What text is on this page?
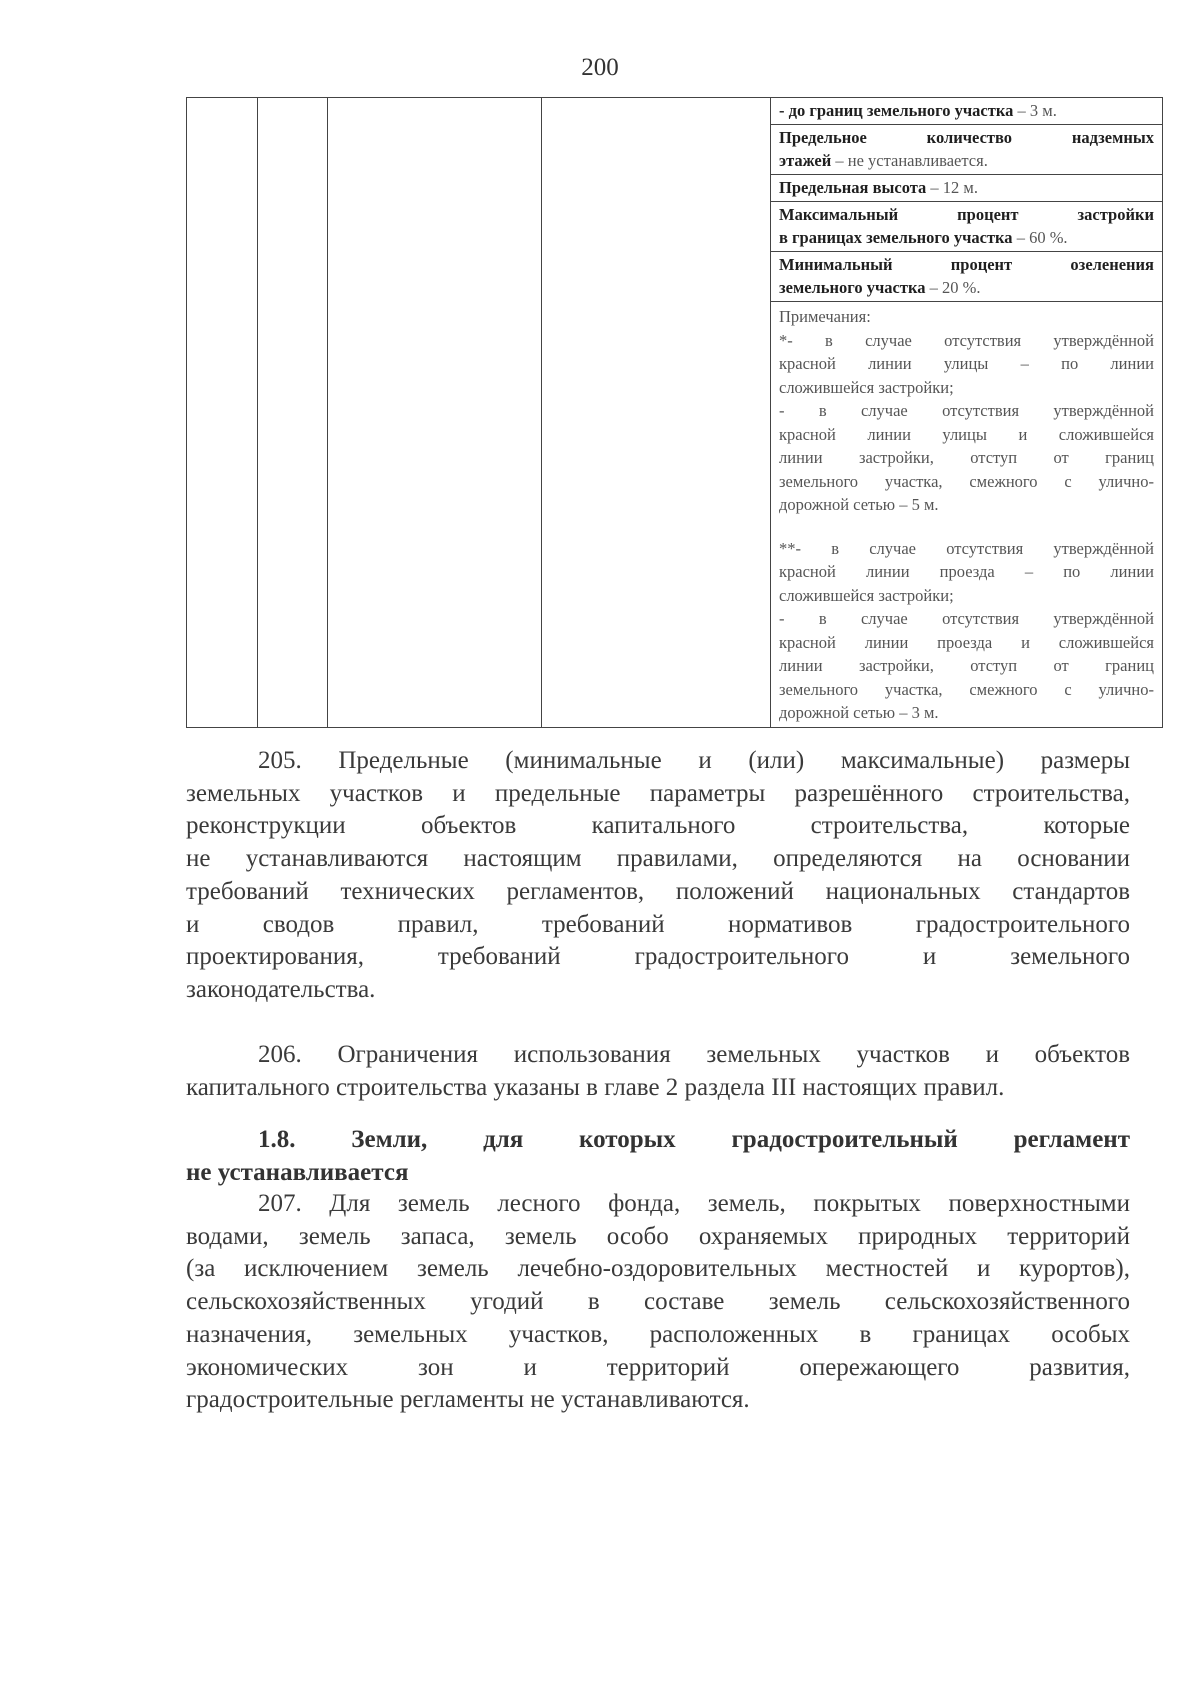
200

- до границ земельного участка – 3 м.
Предельное количество надземных
этажей – не устанавливается.
Предельная высота – 12 м.
Максимальный процент застройки
в границах земельного участка – 60 %.
Минимальный процент озеленения
земельного участка – 20 %.
Примечания:
*- в случае отсутствия утверждённой
красной линии улицы – по линии
сложившейся застройки;
- в случае отсутствия утверждённой
красной линии улицы и сложившейся
линии застройки, отступ от границ
земельного участка, смежного с улично-
дорожной сетью – 5 м.
**- в случае отсутствия утверждённой
красной линии проезда – по линии
сложившейся застройки;
- в случае отсутствия утверждённой
красной линии проезда и сложившейся
линии застройки, отступ от границ
земельного участка, смежного с улично-
дорожной сетью – 3 м.
205. Предельные (минимальные и (или) максимальные) размеры
земельных участков и предельные параметры разрешённого строительства,
реконструкции объектов капитального строительства, которые
не устанавливаются настоящим правилами, определяются на основании
требований технических регламентов, положений национальных стандартов
и сводов правил, требований нормативов градостроительного
проектирования, требований градостроительного и земельного
законодательства.
206. Ограничения использования земельных участков и объектов
капитального строительства указаны в главе 2 раздела III настоящих правил.
1.8. Земли, для которых градостроительный регламент
не устанавливается
207. Для земель лесного фонда, земель, покрытых поверхностными
водами, земель запаса, земель особо охраняемых природных территорий
(за исключением земель лечебно-оздоровительных местностей и курортов),
сельскохозяйственных угодий в составе земель сельскохозяйственного
назначения, земельных участков, расположенных в границах особых
экономических зон и территорий опережающего развития,
градостроительные регламенты не устанавливаются.
